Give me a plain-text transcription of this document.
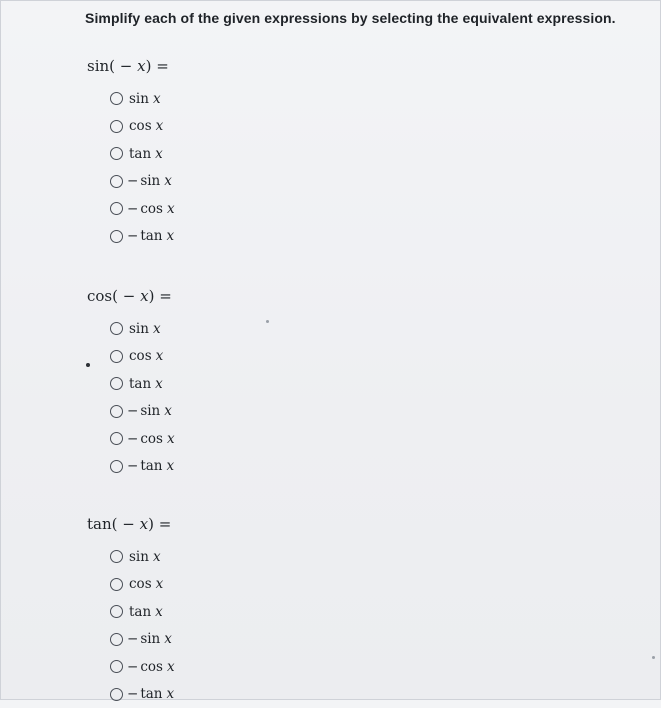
Simplify each of the given expressions by selecting the equivalent expression.
sin( − x) =
sin x
cos x
tan x
− sin x
− cos x
− tan x
cos( − x) =
sin x
cos x
tan x
− sin x
− cos x
− tan x
tan( − x) =
sin x
cos x
tan x
− sin x
− cos x
− tan x
